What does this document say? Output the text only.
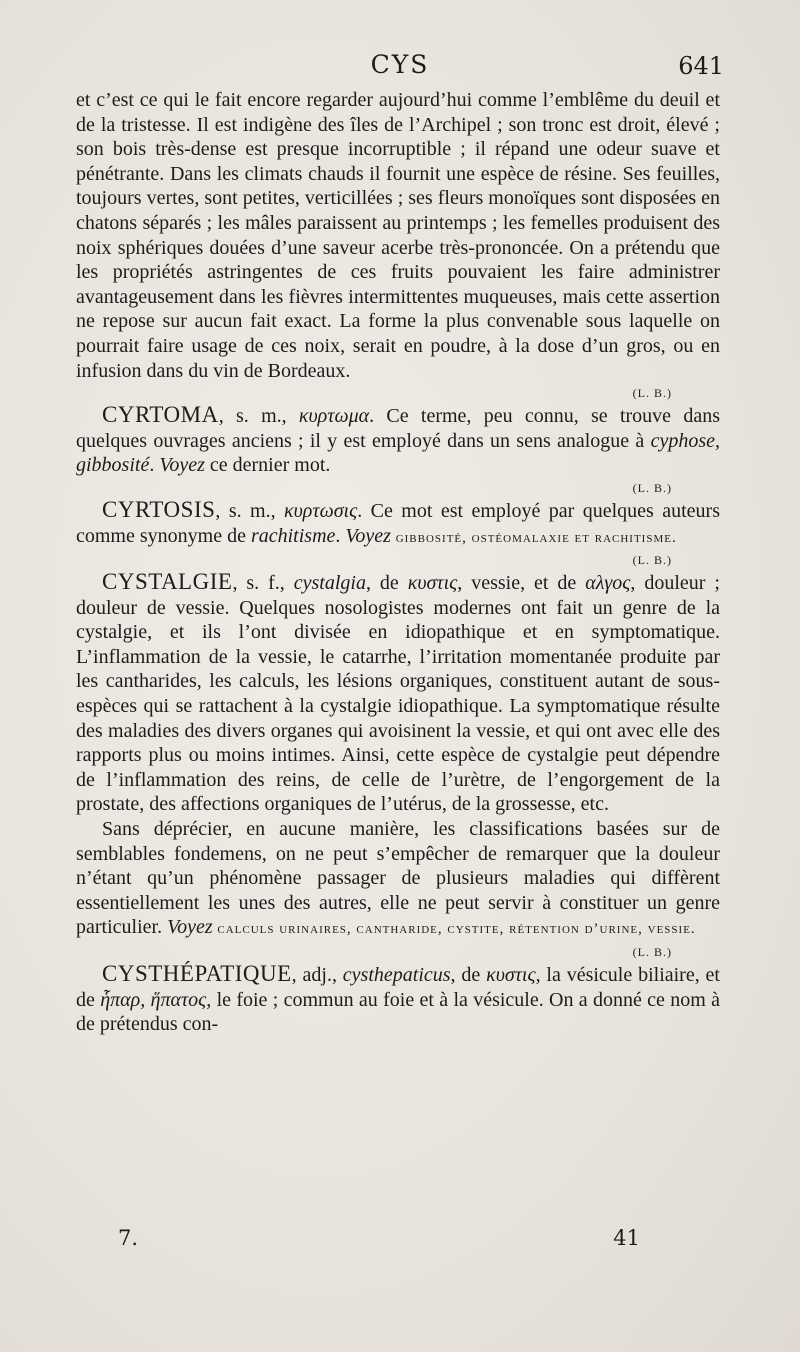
CYS	641

et c’est ce qui le fait encore regarder aujourd’hui comme l’emblême du deuil et de la tristesse. Il est indigène des îles de l’Archipel ; son tronc est droit, élevé ; son bois très-dense est presque incorruptible ; il répand une odeur suave et pénétrante. Dans les climats chauds il fournit une espèce de résine. Ses feuilles, toujours vertes, sont petites, verticillées ; ses fleurs monoïques sont disposées en chatons séparés ; les mâles paraissent au printemps ; les femelles produisent des noix sphériques douées d’une saveur acerbe très-prononcée. On a prétendu que les propriétés astringentes de ces fruits pouvaient les faire administrer avantageusement dans les fièvres intermittentes muqueuses, mais cette assertion ne repose sur aucun fait exact. La forme la plus convenable sous laquelle on pourrait faire usage de ces noix, serait en poudre, à la dose d’un gros, ou en infusion dans du vin de Bordeaux.

(L. B.)

CYRTOMA, s. m., κυρτωμα. Ce terme, peu connu, se trouve dans quelques ouvrages anciens ; il y est employé dans un sens analogue à cyphose, gibbosité. Voyez ce dernier mot.

(L. B.)

CYRTOSIS, s. m., κυρτωσις. Ce mot est employé par quelques auteurs comme synonyme de rachitisme. Voyez gibbosité, ostéomalaxie et rachitisme.

(L. B.)

CYSTALGIE, s. f., cystalgia, de κυστις, vessie, et de αλγος, douleur ; douleur de vessie. Quelques nosologistes modernes ont fait un genre de la cystalgie, et ils l’ont divisée en idiopathique et en symptomatique. L’inflammation de la vessie, le catarrhe, l’irritation momentanée produite par les cantharides, les calculs, les lésions organiques, constituent autant de sous-espèces qui se rattachent à la cystalgie idiopathique. La symptomatique résulte des maladies des divers organes qui avoisinent la vessie, et qui ont avec elle des rapports plus ou moins intimes. Ainsi, cette espèce de cystalgie peut dépendre de l’inflammation des reins, de celle de l’urètre, de l’engorgement de la prostate, des affections organiques de l’utérus, de la grossesse, etc.

Sans déprécier, en aucune manière, les classifications basées sur de semblables fondemens, on ne peut s’empêcher de remarquer que la douleur n’étant qu’un phénomène passager de plusieurs maladies qui diffèrent essentiellement les unes des autres, elle ne peut servir à constituer un genre particulier. Voyez calculs urinaires, cantharide, cystite, rétention d’urine, vessie.

(L. B.)

CYSTHÉPATIQUE, adj., cysthepaticus, de κυστις, la vésicule biliaire, et de ἧπαρ, ἥπατος, le foie ; commun au foie et à la vésicule. On a donné ce nom à de prétendus con-

7.	41
